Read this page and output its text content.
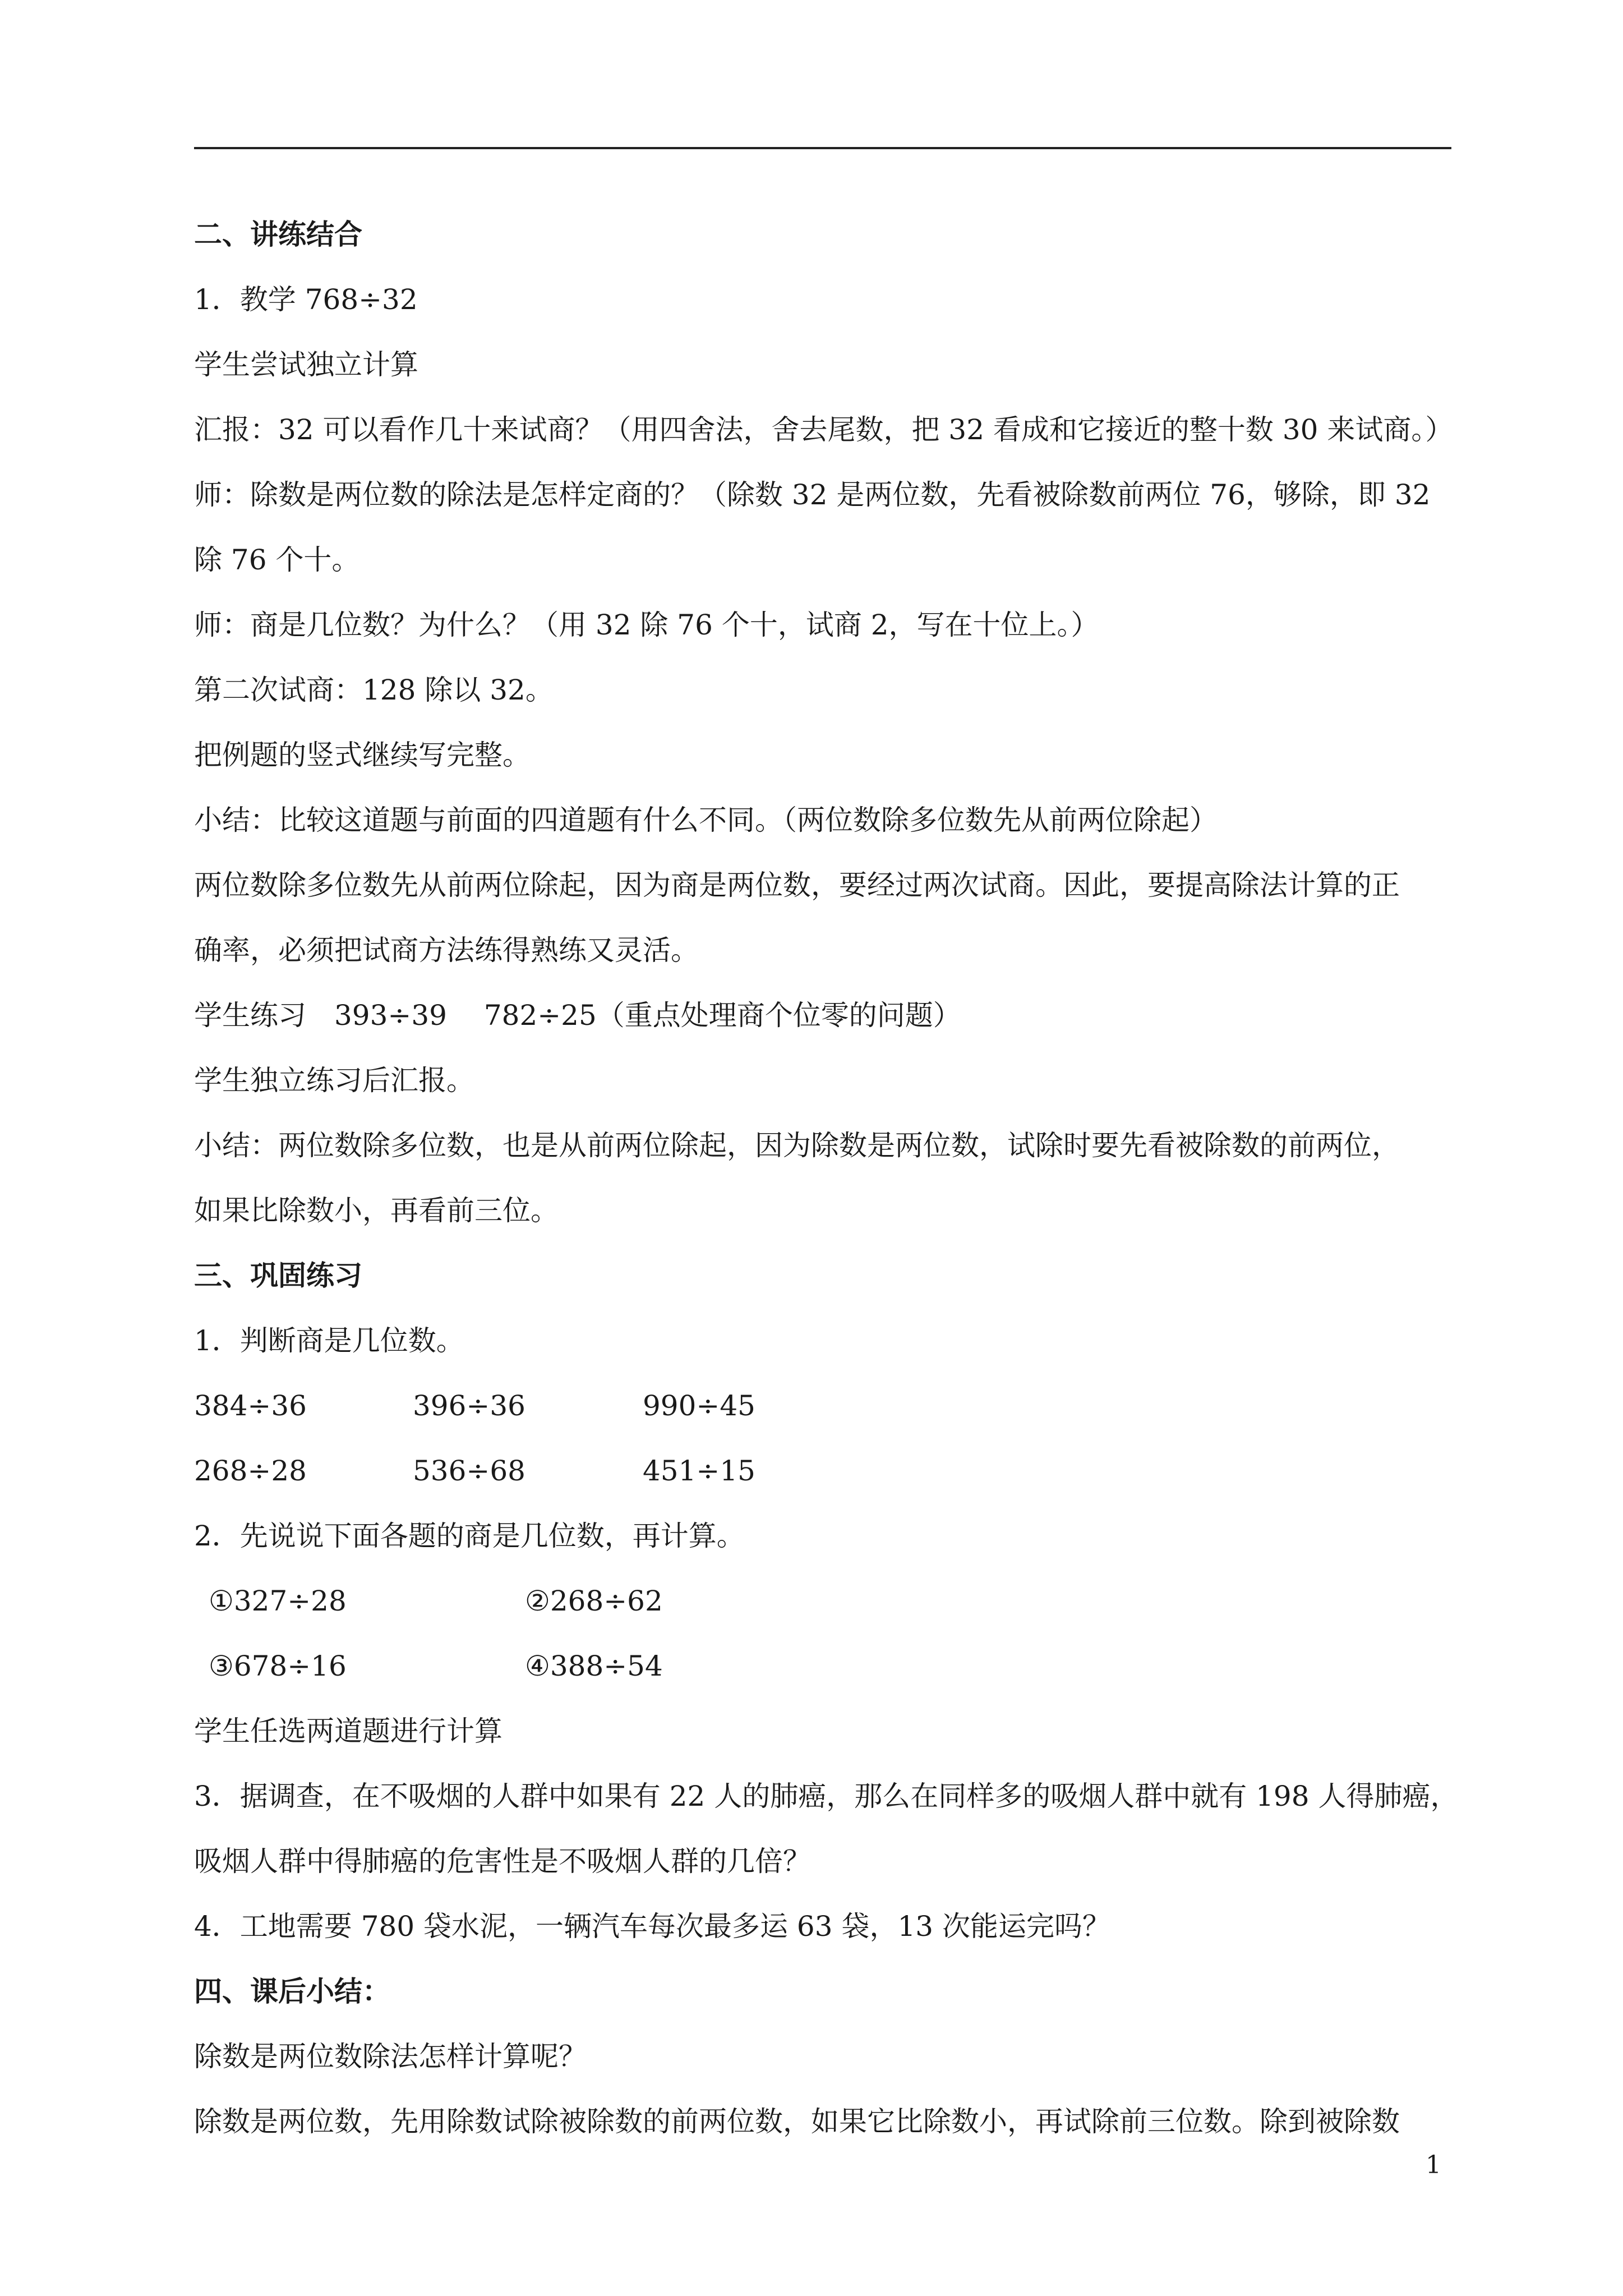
二、讲练结合
1．教学 768÷32
学生尝试独立计算
汇报：32 可以看作几十来试商？（用四舍法，舍去尾数，把 32 看成和它接近的整十数 30 来试商。）
师：除数是两位数的除法是怎样定商的？（除数 32 是两位数，先看被除数前两位 76，够除，即 32
除 76 个十。
师：商是几位数？为什么？（用 32 除 76 个十，试商 2，写在十位上。）
第二次试商：128 除以 32。
把例题的竖式继续写完整。
小结：比较这道题与前面的四道题有什么不同。（两位数除多位数先从前两位除起）
两位数除多位数先从前两位除起，因为商是两位数，要经过两次试商。因此，要提高除法计算的正
确率，必须把试商方法练得熟练又灵活。
学生练习　393÷39　 782÷25（重点处理商个位零的问题）
学生独立练习后汇报。
小结：两位数除多位数，也是从前两位除起，因为除数是两位数，试除时要先看被除数的前两位，
如果比除数小，再看前三位。
三、巩固练习
1．判断商是几位数。
384÷36	396÷36	990÷45
268÷28	536÷68	451÷15
2．先说说下面各题的商是几位数，再计算。
①327÷28	②268÷62
③678÷16	④388÷54
学生任选两道题进行计算
3．据调查，在不吸烟的人群中如果有 22 人的肺癌，那么在同样多的吸烟人群中就有 198 人得肺癌，
吸烟人群中得肺癌的危害性是不吸烟人群的几倍？
4．工地需要 780 袋水泥，一辆汽车每次最多运 63 袋，13 次能运完吗？
四、课后小结：
除数是两位数除法怎样计算呢？
除数是两位数，先用除数试除被除数的前两位数，如果它比除数小，再试除前三位数。除到被除数
1
